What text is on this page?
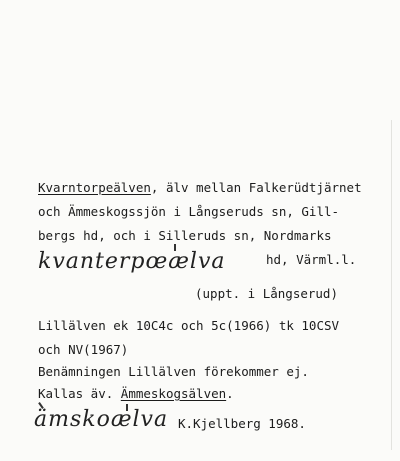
Kvarntorpeälven, älv mellan Falkerüdtjärnet
och Ämmeskogssjön i Långseruds sn, Gill-
bergs hd, och i Silleruds sn, Nordmarks
kvanterpœælva	hd, Värml.l.
(uppt. i Långserud)
Lillälven ek 10C4c och 5c(1966) tk 10CSV
och NV(1967)
Benämningen Lillälven förekommer ej.
Kallas äv. Ämmeskogsälven.
ämskoælva K.Kjellberg 1968.
